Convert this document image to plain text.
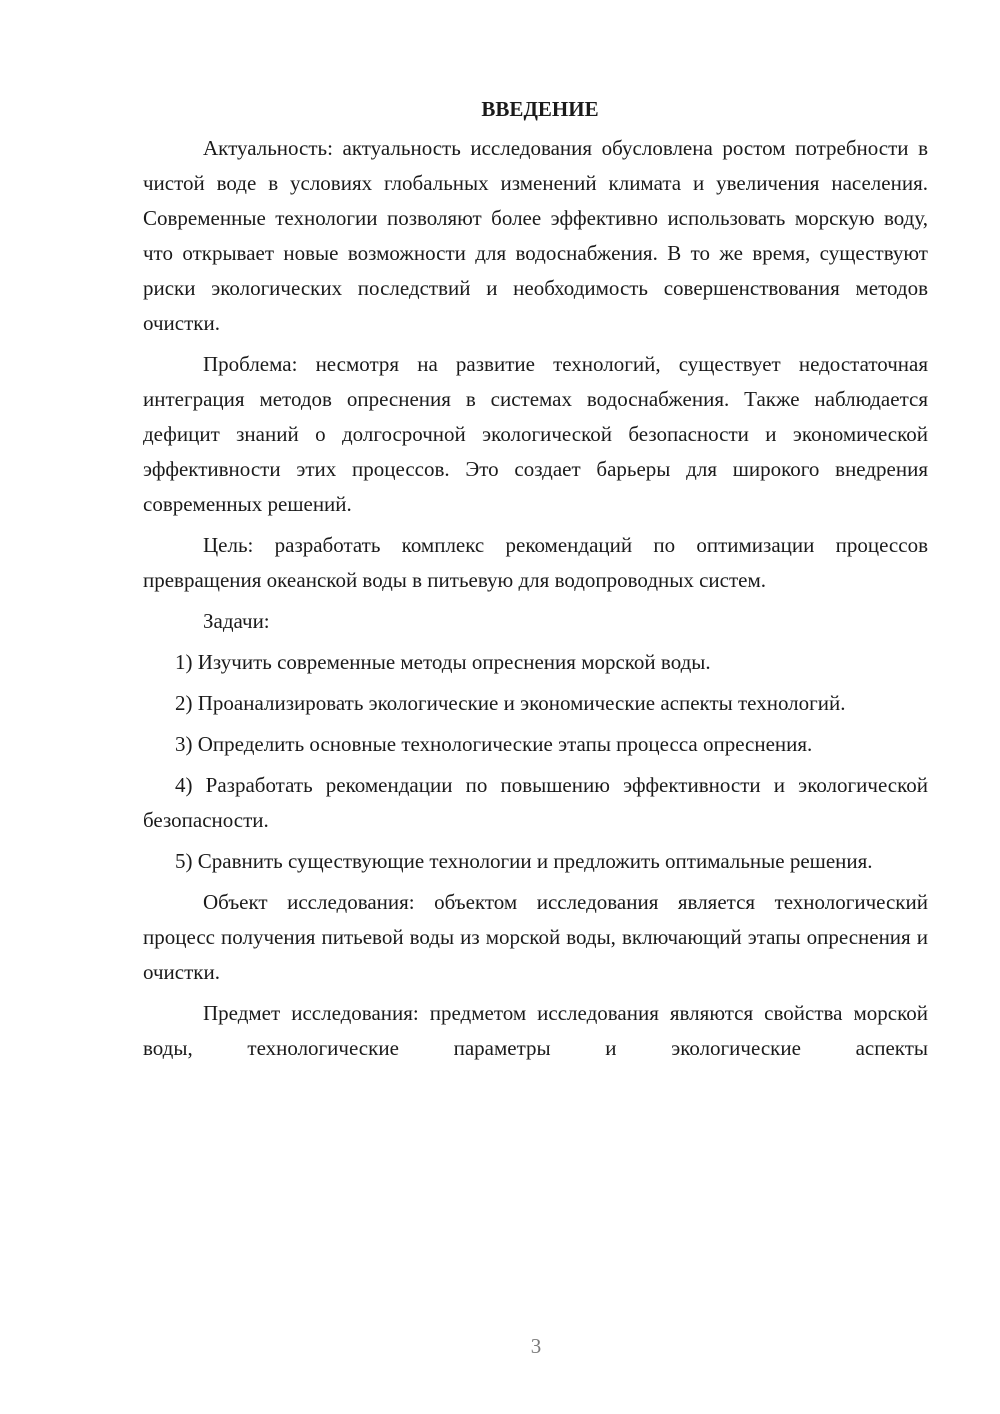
ВВЕДЕНИЕ

Актуальность: актуальность исследования обусловлена ростом потребности в чистой воде в условиях глобальных изменений климата и увеличения населения. Современные технологии позволяют более эффективно использовать морскую воду, что открывает новые возможности для водоснабжения. В то же время, существуют риски экологических последствий и необходимость совершенствования методов очистки.

Проблема: несмотря на развитие технологий, существует недостаточная интеграция методов опреснения в системах водоснабжения. Также наблюдается дефицит знаний о долгосрочной экологической безопасности и экономической эффективности этих процессов. Это создает барьеры для широкого внедрения современных решений.

Цель: разработать комплекс рекомендаций по оптимизации процессов превращения океанской воды в питьевую для водопроводных систем.

Задачи:

1) Изучить современные методы опреснения морской воды.

2) Проанализировать экологические и экономические аспекты технологий.

3) Определить основные технологические этапы процесса опреснения.

4) Разработать рекомендации по повышению эффективности и экологической безопасности.

5) Сравнить существующие технологии и предложить оптимальные решения.

Объект исследования: объектом исследования является технологический процесс получения питьевой воды из морской воды, включающий этапы опреснения и очистки.

Предмет исследования: предметом исследования являются свойства морской воды, технологические параметры и экологические аспекты

3
